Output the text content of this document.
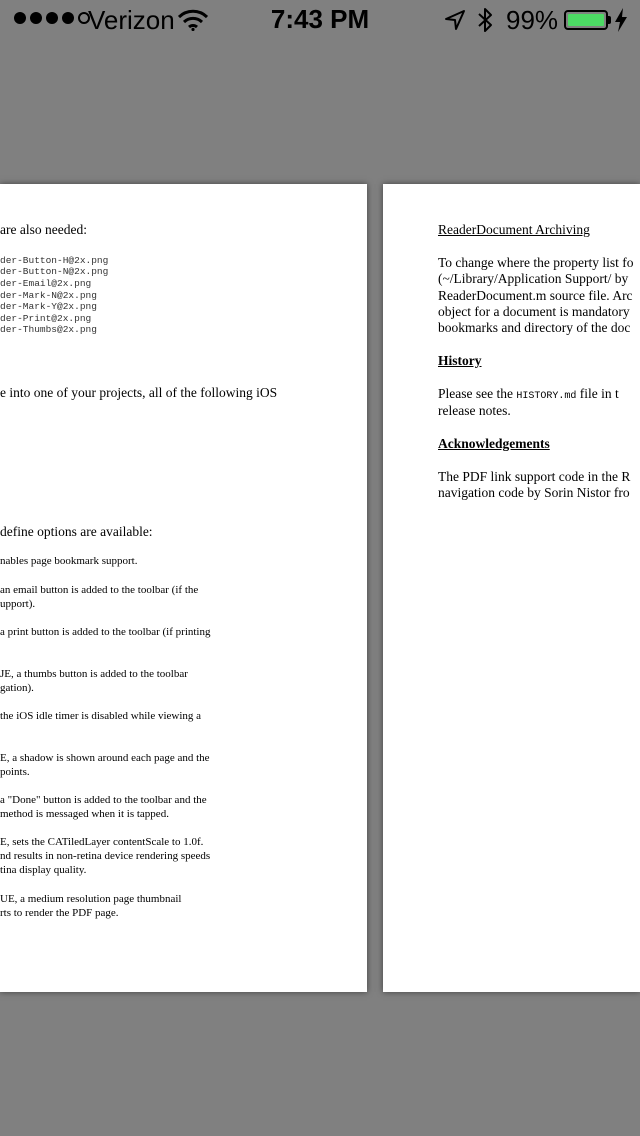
Verizon	7:43 PM	99%
are also needed:
der-Button-H@2x.png
der-Button-N@2x.png
der-Email@2x.png
der-Mark-N@2x.png
der-Mark-Y@2x.png
der-Print@2x.png
der-Thumbs@2x.png
e into one of your projects, all of the following iOS
define options are available:
nables page bookmark support.
an email button is added to the toolbar (if the
upport).
a print button is added to the toolbar (if printing
JE, a thumbs button is added to the toolbar
gation).
the iOS idle timer is disabled while viewing a
E, a shadow is shown around each page and the
points.
a "Done" button is added to the toolbar and the
method is messaged when it is tapped.
E, sets the CATiledLayer contentScale to 1.0f.
nd results in non-retina device rendering speeds
tina display quality.
UE, a medium resolution page thumbnail
rts to render the PDF page.
ReaderDocument Archiving
To change where the property list fo
(~/Library/Application Support/ by
ReaderDocument.m source file. Arc
object for a document is mandatory
bookmarks and directory of the doc
History
Please see the HISTORY.md file in t
release notes.
Acknowledgements
The PDF link support code in the R
navigation code by Sorin Nistor fro
